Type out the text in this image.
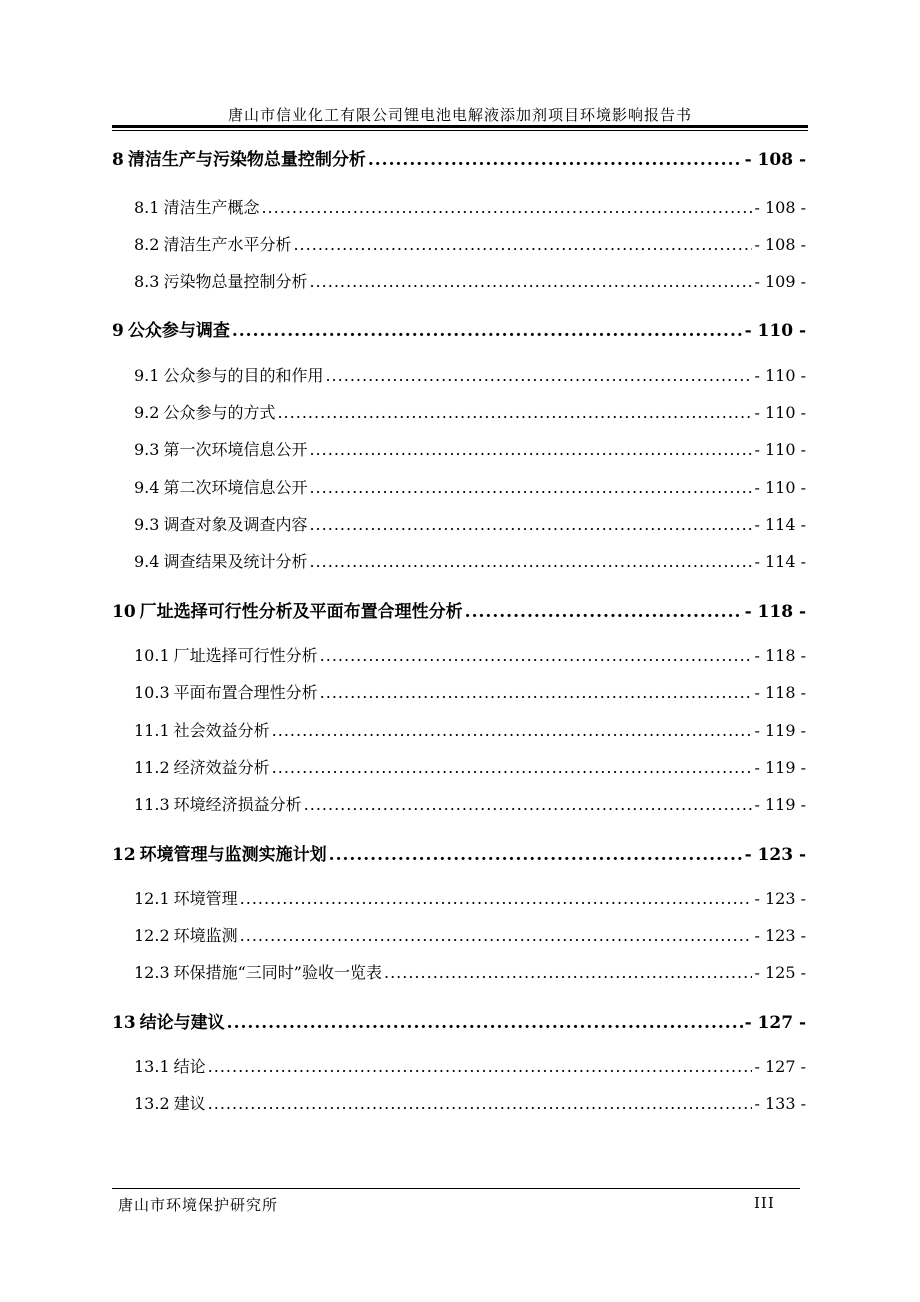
唐山市信业化工有限公司锂电池电解液添加剂项目环境影响报告书
8 清洁生产与污染物总量控制分析 .....	- 108 -
8.1 清洁生产概念 .....	- 108 -
8.2 清洁生产水平分析 .....	- 108 -
8.3 污染物总量控制分析 .....	- 109 -
9 公众参与调查 .....	- 110 -
9.1 公众参与的目的和作用 .....	- 110 -
9.2 公众参与的方式 .....	- 110 -
9.3 第一次环境信息公开 .....	- 110 -
9.4 第二次环境信息公开 .....	- 110 -
9.3 调查对象及调查内容 .....	- 114 -
9.4 调查结果及统计分析 .....	- 114 -
10 厂址选择可行性分析及平面布置合理性分析 .....	- 118 -
10.1 厂址选择可行性分析 .....	- 118 -
10.3 平面布置合理性分析 .....	- 118 -
11.1 社会效益分析 .....	- 119 -
11.2 经济效益分析 .....	- 119 -
11.3 环境经济损益分析 .....	- 119 -
12 环境管理与监测实施计划 .....	- 123 -
12.1 环境管理 .....	- 123 -
12.2 环境监测 .....	- 123 -
12.3 环保措施“三同时”验收一览表 .....	- 125 -
13 结论与建议 .....	- 127 -
13.1 结论 .....	- 127 -
13.2 建议 .....	- 133 -
唐山市环境保护研究所	III
